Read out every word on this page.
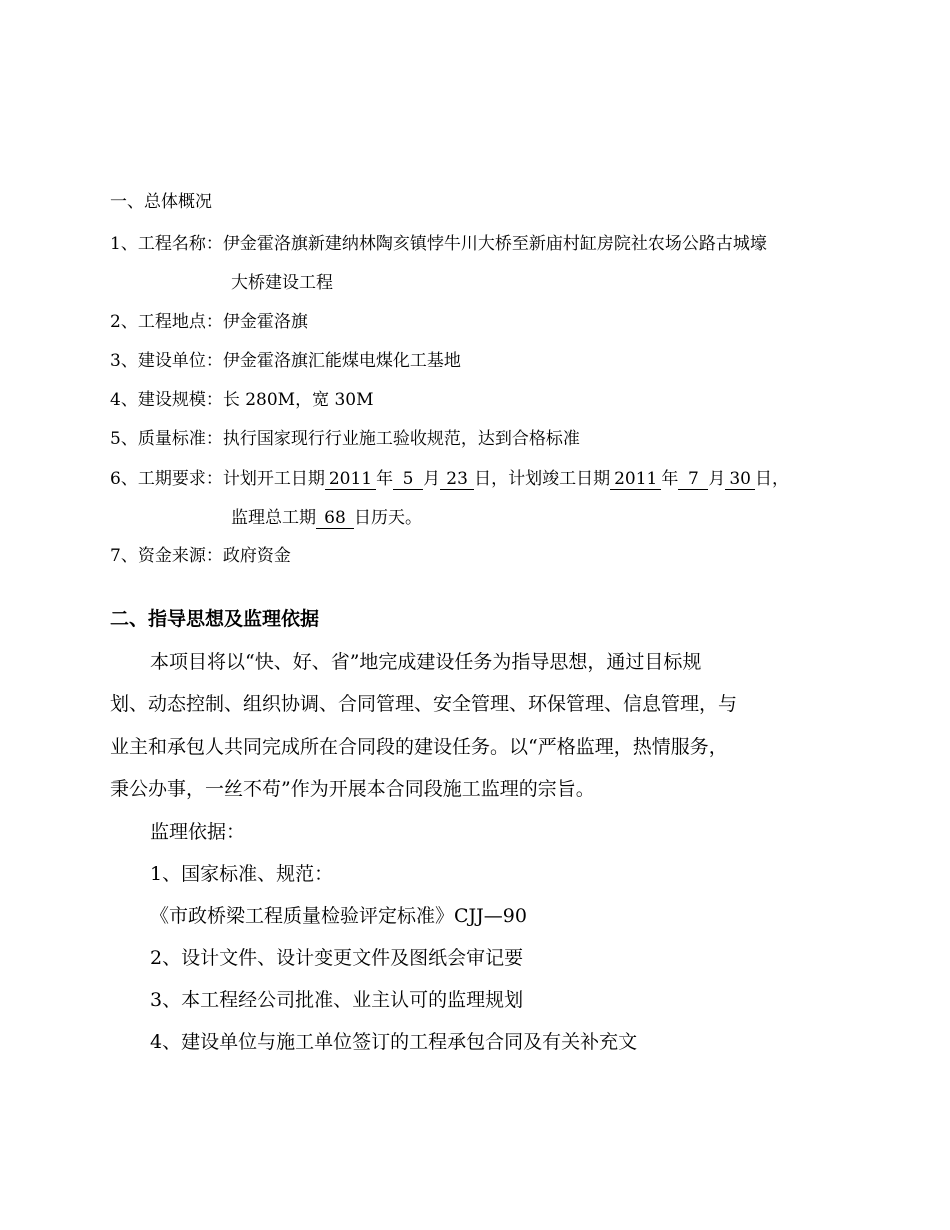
一、总体概况
1、工程名称：伊金霍洛旗新建纳林陶亥镇悖牛川大桥至新庙村缸房院社农场公路古城壕
大桥建设工程
2、工程地点：伊金霍洛旗
3、建设单位：伊金霍洛旗汇能煤电煤化工基地
4、建设规模：长 280M，宽 30M
5、质量标准：执行国家现行行业施工验收规范，达到合格标准
6、工期要求：计划开工日期 2011 年 5 月 23 日，计划竣工日期 2011 年 7 月 30 日，
监理总工期 68 日历天。
7、资金来源：政府资金
二、指导思想及监理依据
本项目将以“快、好、省”地完成建设任务为指导思想，通过目标规
划、动态控制、组织协调、合同管理、安全管理、环保管理、信息管理，与
业主和承包人共同完成所在合同段的建设任务。以“严格监理，热情服务，
秉公办事，一丝不苟”作为开展本合同段施工监理的宗旨。
监理依据：
1、国家标准、规范：
《市政桥梁工程质量检验评定标准》CJJ—90
2、设计文件、设计变更文件及图纸会审记要
3、本工程经公司批准、业主认可的监理规划
4、建设单位与施工单位签订的工程承包合同及有关补充文
